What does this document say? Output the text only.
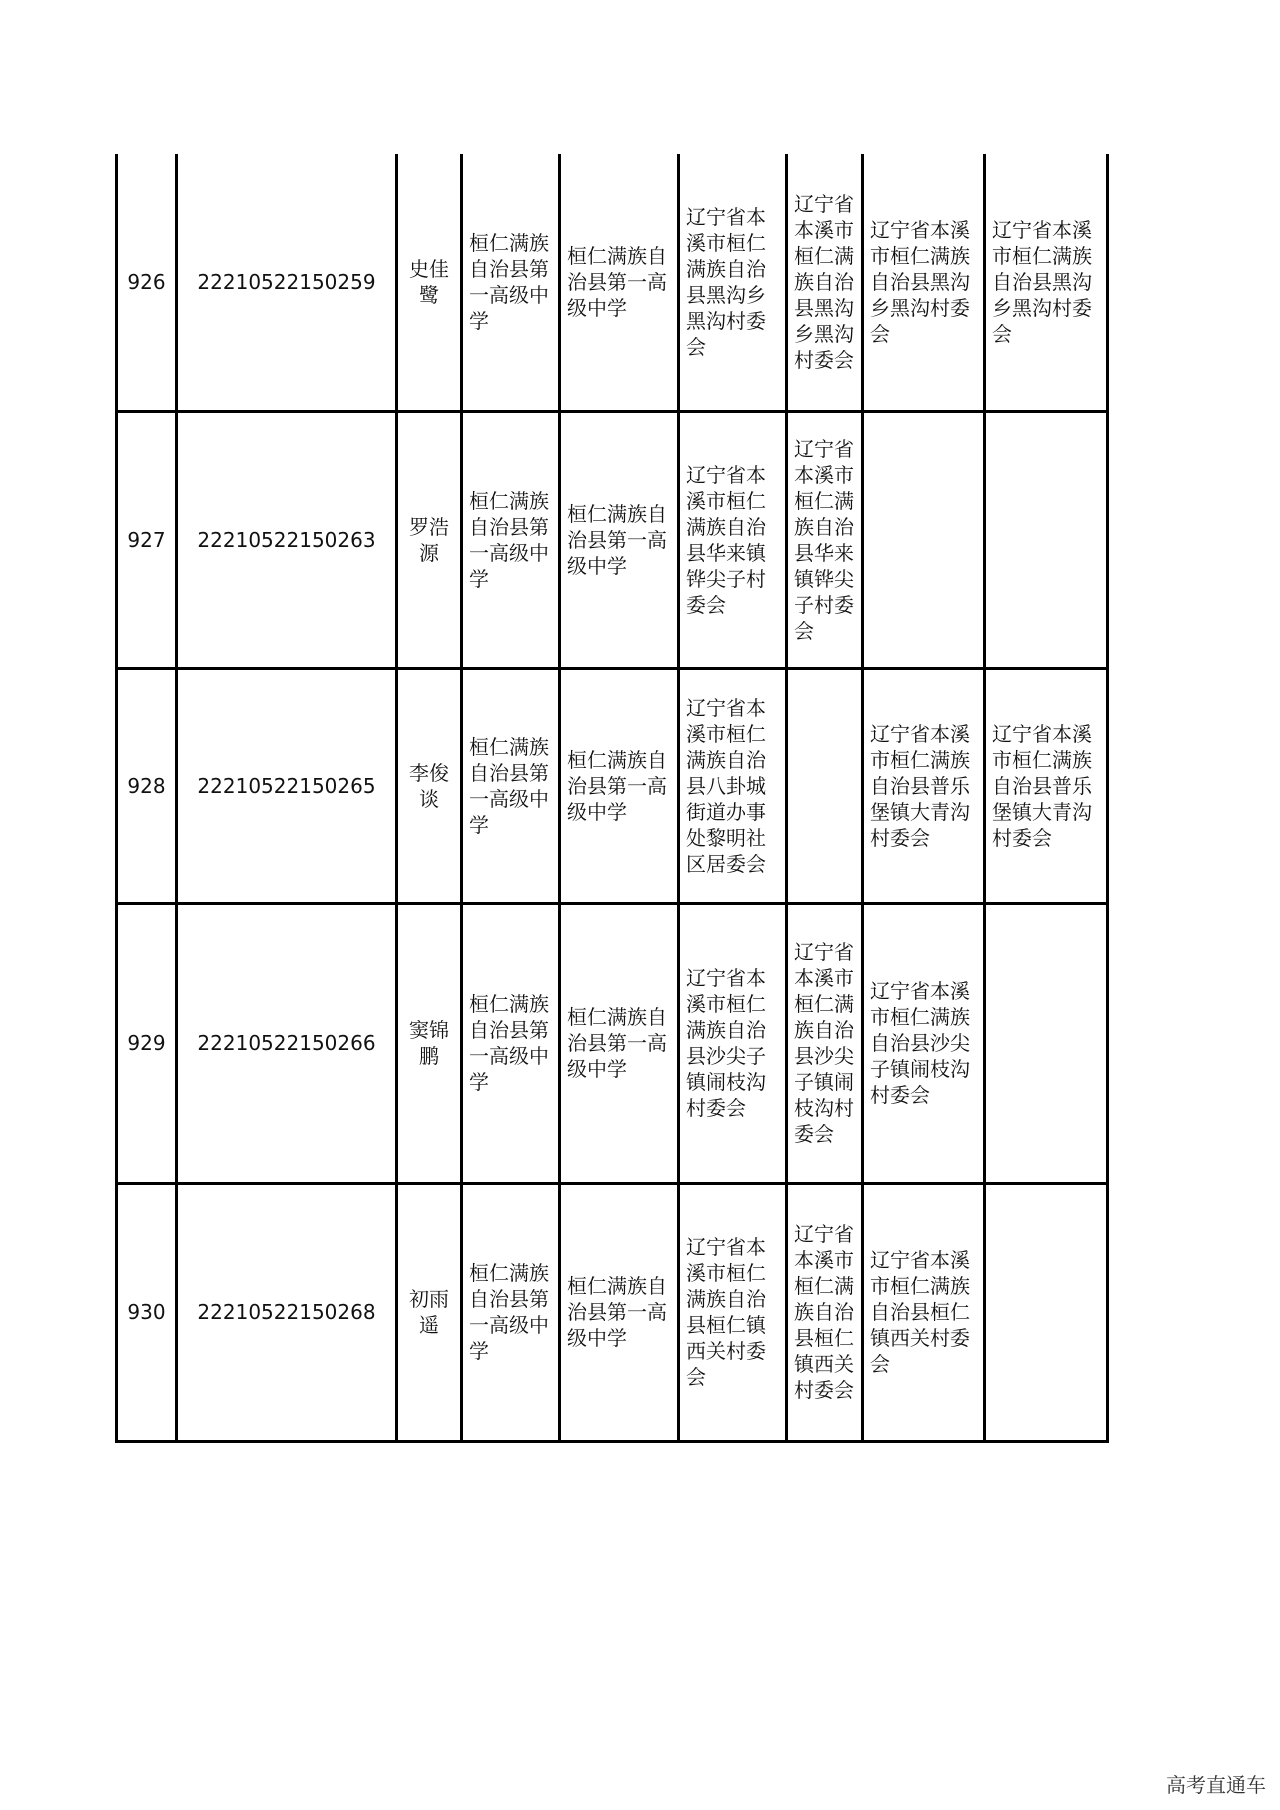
926	22210522150259	史佳鹭	桓仁满族自治县第一高级中学	桓仁满族自治县第一高级中学	辽宁省本溪市桓仁满族自治县黑沟乡黑沟村委会	辽宁省本溪市桓仁满族自治县黑沟乡黑沟村委会	辽宁省本溪市桓仁满族自治县黑沟乡黑沟村委会	辽宁省本溪市桓仁满族自治县黑沟乡黑沟村委会
927	22210522150263	罗浩源	桓仁满族自治县第一高级中学	桓仁满族自治县第一高级中学	辽宁省本溪市桓仁满族自治县华来镇铧尖子村委会	辽宁省本溪市桓仁满族自治县华来镇铧尖子村委会		
928	22210522150265	李俊谈	桓仁满族自治县第一高级中学	桓仁满族自治县第一高级中学	辽宁省本溪市桓仁满族自治县八卦城街道办事处黎明社区居委会		辽宁省本溪市桓仁满族自治县普乐堡镇大青沟村委会	辽宁省本溪市桓仁满族自治县普乐堡镇大青沟村委会
929	22210522150266	窦锦鹏	桓仁满族自治县第一高级中学	桓仁满族自治县第一高级中学	辽宁省本溪市桓仁满族自治县沙尖子镇闹枝沟村委会	辽宁省本溪市桓仁满族自治县沙尖子镇闹枝沟村委会	辽宁省本溪市桓仁满族自治县沙尖子镇闹枝沟村委会	
930	22210522150268	初雨遥	桓仁满族自治县第一高级中学	桓仁满族自治县第一高级中学	辽宁省本溪市桓仁满族自治县桓仁镇西关村委会	辽宁省本溪市桓仁满族自治县桓仁镇西关村委会	辽宁省本溪市桓仁满族自治县桓仁镇西关村委会	
高考直通车
